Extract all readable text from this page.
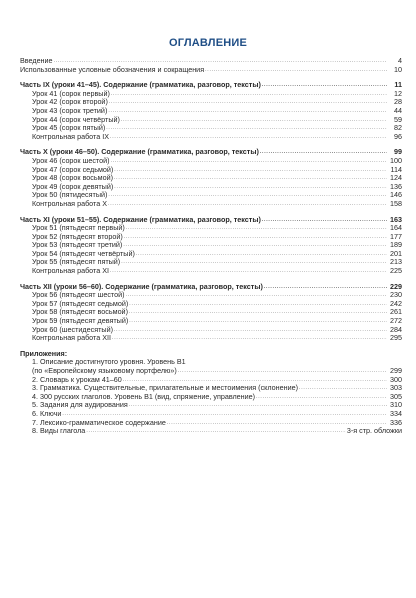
ОГЛАВЛЕНИЕ
Введение . . .	4
Использованные условные обозначения и сокращения . . .	10
Часть IX (уроки 41–45). Содержание (грамматика, разговор, тексты) . . .	11
Урок 41 (сорок первый) . . .	12
Урок 42 (сорок второй) . . .	28
Урок 43 (сорок третий) . . .	44
Урок 44 (сорок четвёртый) . . .	59
Урок 45 (сорок пятый) . . .	82
Контрольная работа IX . . .	96
Часть X (уроки 46–50). Содержание (грамматика, разговор, тексты) . . .	99
Урок 46 (сорок шестой) . . .	100
Урок 47 (сорок седьмой) . . .	114
Урок 48 (сорок восьмой) . . .	124
Урок 49 (сорок девятый) . . .	136
Урок 50 (пятидесятый) . . .	146
Контрольная работа X . . .	158
Часть XI (уроки 51–55). Содержание (грамматика, разговор, тексты) . . .	163
Урок 51 (пятьдесят первый) . . .	164
Урок 52 (пятьдесят второй) . . .	177
Урок 53 (пятьдесят третий) . . .	189
Урок 54 (пятьдесят четвёртый) . . .	201
Урок 55 (пятьдесят пятый) . . .	213
Контрольная работа XI . . .	225
Часть XII (уроки 56–60). Содержание (грамматика, разговор, тексты) . . .	229
Урок 56 (пятьдесят шестой) . . .	230
Урок 57 (пятьдесят седьмой) . . .	242
Урок 58 (пятьдесят восьмой) . . .	261
Урок 59 (пятьдесят девятый) . . .	272
Урок 60 (шестидесятый) . . .	284
Контрольная работа XII . . .	295
Приложения:
1. Описание достигнутого уровня. Уровень В1
(по «Европейскому языковому портфелю») . . .	299
2. Словарь к урокам 41–60 . . .	300
3. Грамматика. Существительные, прилагательные и местоимения (склонение) . . .	303
4. 300 русских глаголов. Уровень В1 (вид, спряжение, управление) . . .	305
5. Задания для аудирования . . .	310
6. Ключи . . .	334
7. Лексико-грамматическое содержание . . .	336
8. Виды глагола . . .	3-я стр. обложки
